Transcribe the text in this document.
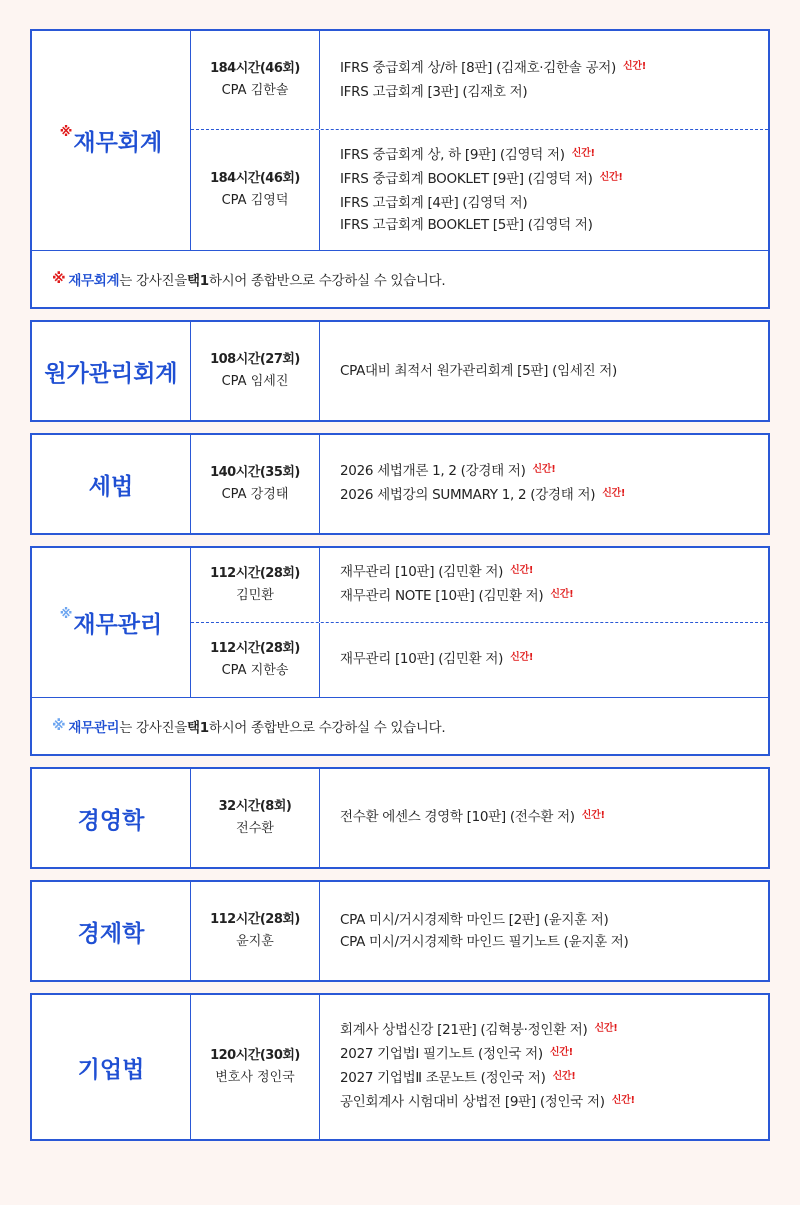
※ 재무회계
184시간(46회)
CPA 김한솔
IFRS 중급회계 상/하 [8판] (김재호·김한솔 공저) $^{신간!}$
IFRS 고급회계 [3판] (김재호 저)
184시간(46회)
CPA 김영덕
IFRS 중급회계 상, 하 [9판] (김영덕 저) $^{신간!}$
IFRS 중급회계 BOOKLET [9판] (김영덕 저) $^{신간!}$
IFRS 고급회계 [4판] (김영덕 저)
IFRS 고급회계 BOOKLET [5판] (김영덕 저)
※ 재무회계 는 강사진을 택1 하시어 종합반으로 수강하실 수 있습니다.
원가관리회계
108시간(27회)
CPA 임세진
CPA대비 최적서 원가관리회계 [5판] (임세진 저)
세법
140시간(35회)
CPA 강경태
2026 세법개론 1, 2 (강경태 저) $^{신간!}$
2026 세법강의 SUMMARY 1, 2 (강경태 저) $^{신간!}$
※ 재무관리
112시간(28회)
김민환
재무관리 [10판] (김민환 저) $^{신간!}$
재무관리 NOTE [10판] (김민환 저) $^{신간!}$
112시간(28회)
CPA 지한송
재무관리 [10판] (김민환 저) $^{신간!}$
※ 재무관리 는 강사진을 택1 하시어 종합반으로 수강하실 수 있습니다.
경영학
32시간(8회)
전수환
전수환 에센스 경영학 [10판] (전수환 저) $^{신간!}$
경제학
112시간(28회)
윤지훈
CPA 미시/거시경제학 마인드 [2판] (윤지훈 저)
CPA 미시/거시경제학 마인드 필기노트 (윤지훈 저)
기업법
120시간(30회)
변호사 정인국
회계사 상법신강 [21판] (김혁붕·정인환 저) $^{신간!}$
2027 기업법Ⅰ 필기노트 (정인국 저) $^{신간!}$
2027 기업법Ⅱ 조문노트 (정인국 저) $^{신간!}$
공인회계사 시험대비 상법전 [9판] (정인국 저) $^{신간!}$
